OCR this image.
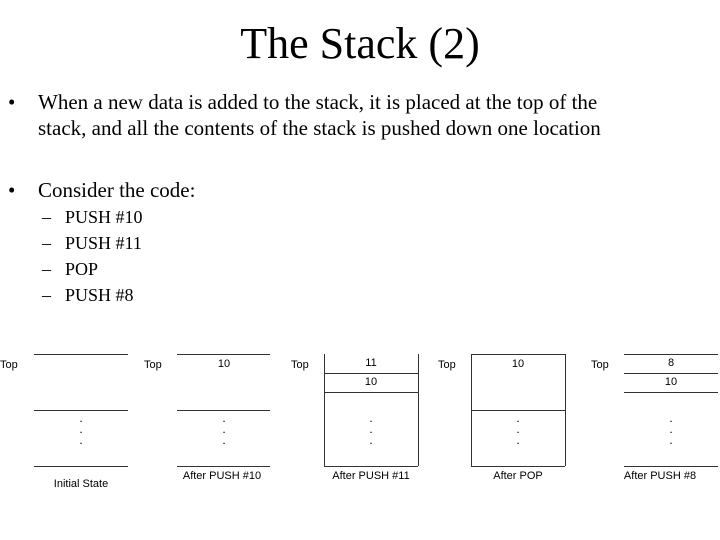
The Stack (2)
• When a new data is added to the stack, it is placed at the top of the
stack, and all the contents of the stack is pushed down one location
• Consider the code:
– PUSH #10
– PUSH #11
– POP
– PUSH #8
Top
.
.
.
Initial State
Top	10
.
.
.
After PUSH #10
Top	11
10
.
.
.
After PUSH #11
Top	10
.
.
.
After POP
Top	8
10
.
.
.
After PUSH #8
